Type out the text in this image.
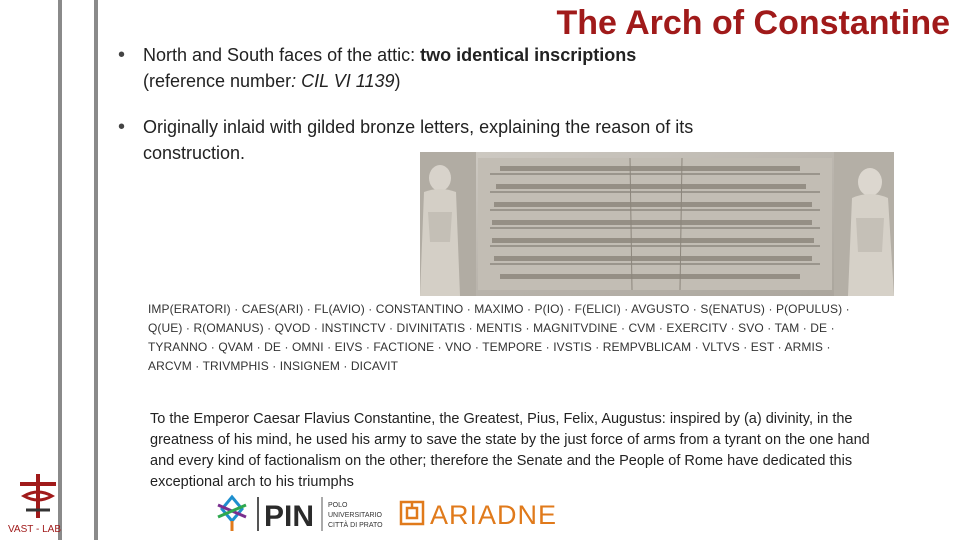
The Arch of Constantine
• North and South faces of the attic: two identical inscriptions (reference number: CIL VI 1139)
• Originally inlaid with gilded bronze letters, explaining the reason of its construction.
IMP(ERATORI) · CAES(ARI) · FL(AVIO) · CONSTANTINO · MAXIMO · P(IO) · F(ELICI) · AVGUSTO · S(ENATUS) · P(OPULUS) · Q(UE) · R(OMANUS) · QVOD · INSTINCTV · DIVINITATIS · MENTIS · MAGNITVDINE · CVM · EXERCITV · SVO · TAM · DE · TYRANNO · QVAM · DE · OMNI · EIVS · FACTIONE · VNO · TEMPORE · IVSTIS · REMPVBLICAM · VLTVS · EST · ARMIS · ARCVM · TRIVMPHIS · INSIGNEM · DICAVIT
To the Emperor Caesar Flavius Constantine, the Greatest, Pius, Felix, Augustus: inspired by (a) divinity, in the greatness of his mind, he used his army to save the state by the just force of arms from a tyrant on the one hand and every kind of factionalism on the other; therefore the Senate and the People of Rome have dedicated this exceptional arch to his triumphs
VAST - LAB	PIN POLO
UNIVERSITARIO
CITTÀ DI PRATO ARIADNE
